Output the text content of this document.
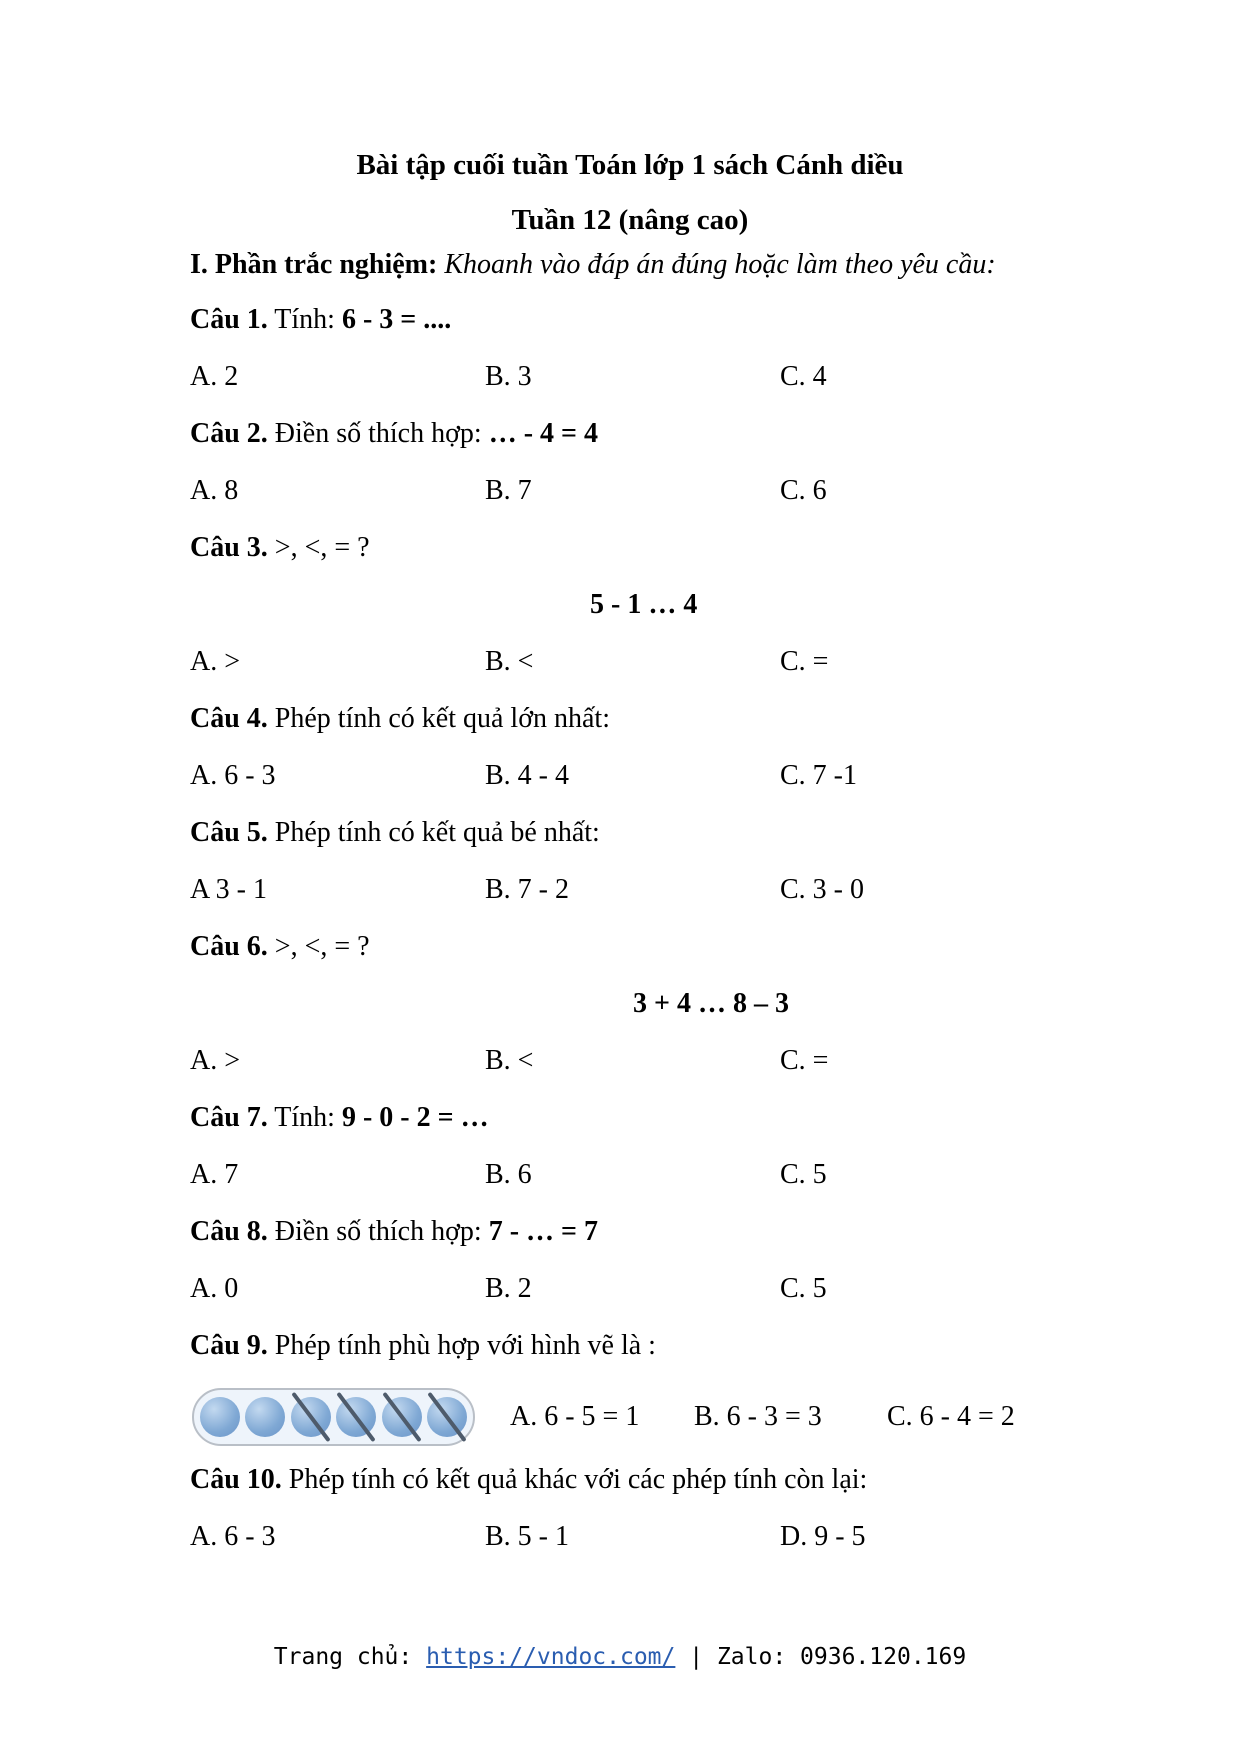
Bài tập cuối tuần Toán lớp 1 sách Cánh diều
Tuần 12 (nâng cao)
I. Phần trắc nghiệm: Khoanh vào đáp án đúng hoặc làm theo yêu cầu:
Câu 1. Tính: 6 - 3 = ....
A. 2	B. 3	C. 4
Câu 2. Điền số thích hợp: … - 4 = 4
A. 8	B. 7	C. 6
Câu 3. >, <, = ?
5 - 1 … 4
A. >	B. <	C. =
Câu 4. Phép tính có kết quả lớn nhất:
A. 6 - 3	B. 4 - 4	C. 7 -1
Câu 5. Phép tính có kết quả bé nhất:
A 3 - 1	B. 7 - 2	C. 3 - 0
Câu 6. >, <, = ?
3 + 4 … 8 – 3
A. >	B. <	C. =
Câu 7. Tính: 9 - 0 - 2 = …
A. 7	B. 6	C. 5
Câu 8. Điền số thích hợp: 7 - … = 7
A. 0	B. 2	C. 5
Câu 9. Phép tính phù hợp với hình vẽ là :
A. 6 - 5 = 1 B. 6 - 3 = 3 C. 6 - 4 = 2
Câu 10. Phép tính có kết quả khác với các phép tính còn lại:
A. 6 - 3	B. 5 - 1	D. 9 - 5
Trang chủ: https://vndoc.com/ | Zalo: 0936.120.169
